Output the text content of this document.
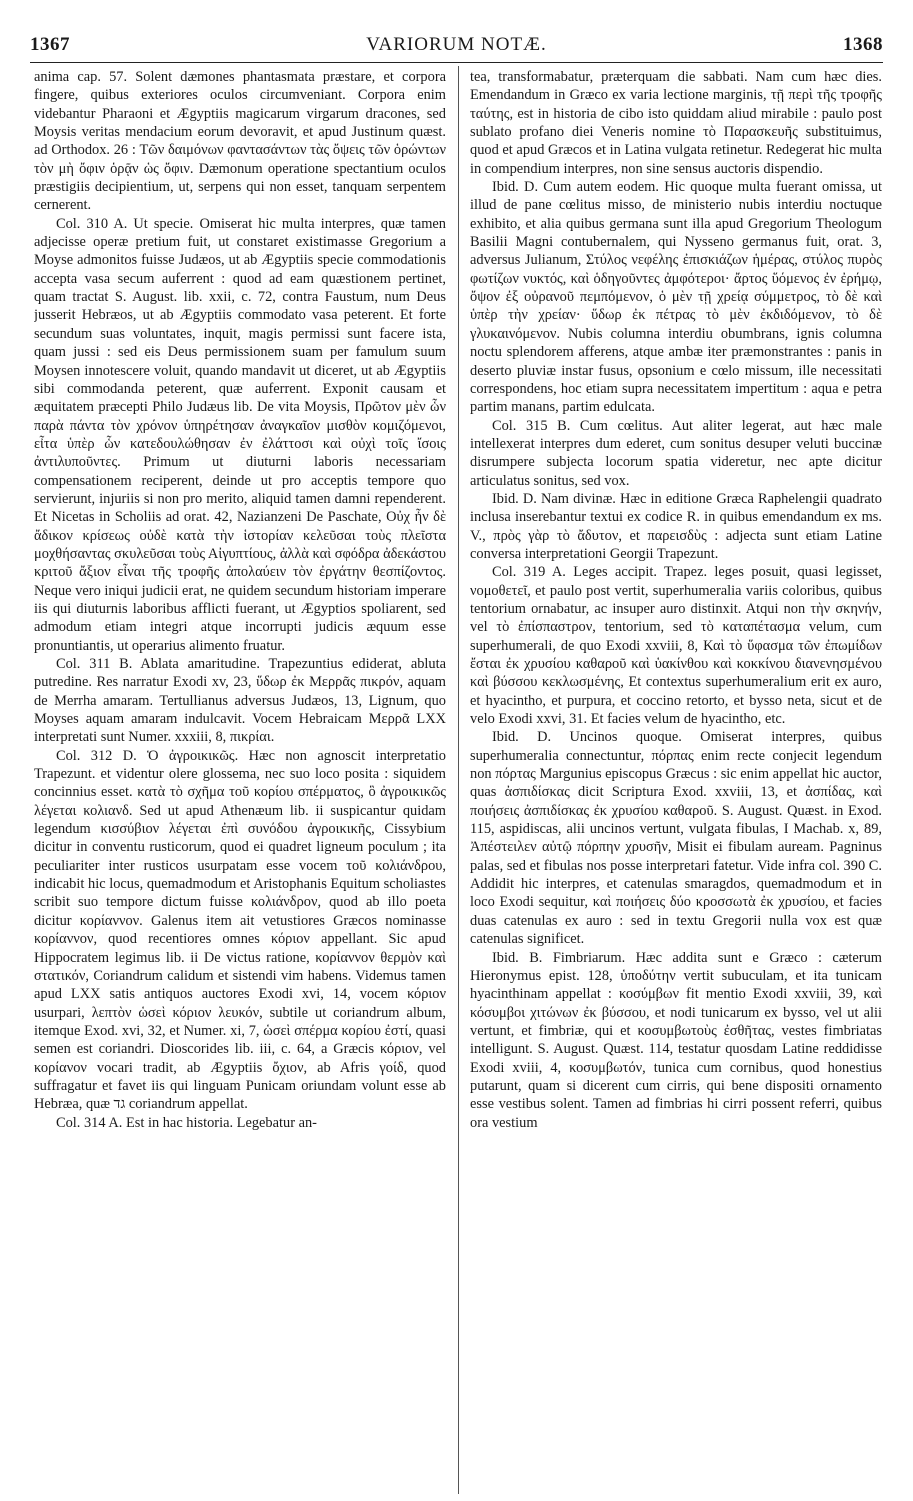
1367	VARIORUM NOTÆ.	1368

anima cap. 57. Solent dæmones phantasmata præstare, et corpora fingere, quibus exteriores oculos circumveniant. Corpora enim videbantur Pharaoni et Ægyptiis magicarum virgarum dracones, sed Moysis veritas mendacium eorum devoravit, et apud Justinum quæst. ad Orthodox. 26 : Τῶν δαιμόνων φαντασάντων τὰς ὄψεις τῶν ὁρώντων τὸν μὴ ὄφιν ὁρᾷν ὡς ὄφιν. Dæmonum operatione spectantium oculos præstigiis decipientium, ut, serpens qui non esset, tanquam serpentem cernerent.

Col. 310 A. Ut specie. Omiserat hic multa interpres, quæ tamen adjecisse operæ pretium fuit, ut constaret existimasse Gregorium a Moyse admonitos fuisse Judæos, ut ab Ægyptiis specie commodationis accepta vasa secum auferrent : quod ad eam quæstionem pertinet, quam tractat S. August. lib. xxii, c. 72, contra Faustum, num Deus jusserit Hebræos, ut ab Ægyptiis commodato vasa peterent. Et forte secundum suas voluntates, inquit, magis permissi sunt facere ista, quam jussi : sed eis Deus permissionem suam per famulum suum Moysen innotescere voluit, quando mandavit ut diceret, ut ab Ægyptiis sibi commodanda peterent, quæ auferrent. Exponit causam et æquitatem præcepti Philo Judæus lib. De vita Moysis, Πρῶτον μὲν ὧν παρὰ πάντα τὸν χρόνον ὑπηρέτησαν ἀναγκαῖον μισθὸν κομιζόμενοι, εἶτα ὑπὲρ ὧν κατεδουλώθησαν ἐν ἐλάττοσι καὶ οὐχὶ τοῖς ἴσοις ἀντιλυποῦντες. Primum ut diuturni laboris necessariam compensationem reciperent, deinde ut pro acceptis tempore quo servierunt, injuriis si non pro merito, aliquid tamen damni rependerent. Et Nicetas in Scholiis ad orat. 42, Nazianzeni De Paschate, Οὐχ ἦν δὲ ἄδικον κρίσεως οὐδὲ κατὰ τὴν ἱστορίαν κελεῦσαι τοὺς πλεῖστα μοχθήσαντας σκυλεῦσαι τοὺς Αἰγυπτίους, ἀλλὰ καὶ σφόδρα ἀδεκάστου κριτοῦ ἄξιον εἶναι τῆς τροφῆς ἀπολαύειν τὸν ἐργάτην θεσπίζοντος. Neque vero iniqui judicii erat, ne quidem secundum historiam imperare iis qui diuturnis laboribus afflicti fuerant, ut Ægyptios spoliarent, sed admodum etiam integri atque incorrupti judicis æquum esse pronuntiantis, ut operarius alimento fruatur.

Col. 311 B. Ablata amaritudine. Trapezuntius ediderat, abluta putredine. Res narratur Exodi xv, 23, ὕδωρ ἐκ Μερρᾶς πικρόν, aquam de Merrha amaram. Tertullianus adversus Judæos, 13, Lignum, quo Moyses aquam amaram indulcavit. Vocem Hebraicam Μερρᾶ LXX interpretati sunt Numer. xxxiii, 8, πικρίαι.

Col. 312 D. Ὁ ἀγροικικῶς. Hæc non agnoscit interpretatio Trapezunt. et videntur olere glossema, nec suo loco posita : siquidem concinnius esset. κατὰ τὸ σχῆμα τοῦ κορίου σπέρματος, ὃ ἀγροικικῶς λέγεται κολιανδ. Sed ut apud Athenæum lib. ii suspicantur quidam legendum κισσύβιον λέγεται ἐπὶ συνόδου ἀγροικικῆς, Cissybium dicitur in conventu rusticorum, quod ei quadret ligneum poculum ; ita peculiariter inter rusticos usurpatam esse vocem τοῦ κολιάνδρου, indicabit hic locus, quemadmodum et Aristophanis Equitum scholiastes scribit suo tempore dictum fuisse κολιάνδρον, quod ab illo poeta dicitur κορίαννον. Galenus item ait vetustiores Græcos nominasse κορίαννον, quod recentiores omnes κόριον appellant. Sic apud Hippocratem legimus lib. ii De victus ratione, κορίαννον θερμὸν καὶ στατικόν, Coriandrum calidum et sistendi vim habens. Videmus tamen apud LXX satis antiquos auctores Exodi xvi, 14, vocem κόριον usurpari, λεπτὸν ὡσεὶ κόριον λευκόν, subtile ut coriandrum album, itemque Exod. xvi, 32, et Numer. xi, 7, ὡσεὶ σπέρμα κορίου ἐστί, quasi semen est coriandri. Dioscorides lib. iii, c. 64, a Græcis κόριον, vel κορίανον vocari tradit, ab Ægyptiis ὄχιον, ab Afris γοίδ, quod suffragatur et favet iis qui linguam Punicam oriundam volunt esse ab Hebræa, quæ גד coriandrum appellat.

Col. 314 A. Est in hac historia. Legebatur an-

tea, transformabatur, præterquam die sabbati. Nam cum hæc dies. Emendandum in Græco ex varia lectione marginis, τῇ περὶ τῆς τροφῆς ταύτης, est in historia de cibo isto quiddam aliud mirabile : paulo post sublato profano diei Veneris nomine τὸ Παρασκευῆς substituimus, quod et apud Græcos et in Latina vulgata retinetur. Redegerat hic multa in compendium interpres, non sine sensus auctoris dispendio.

Ibid. D. Cum autem eodem. Hic quoque multa fuerant omissa, ut illud de pane cœlitus misso, de ministerio nubis interdiu noctuque exhibito, et alia quibus germana sunt illa apud Gregorium Theologum Basilii Magni contubernalem, qui Nysseno germanus fuit, orat. 3, adversus Julianum, Στύλος νεφέλης ἐπισκιάζων ἡμέρας, στύλος πυρὸς φωτίζων νυκτός, καὶ ὁδηγοῦντες ἀμφότεροι· ἄρτος ὕόμενος ἐν ἐρήμῳ, ὄψον ἐξ οὐρανοῦ πεμπόμενον, ὁ μὲν τῇ χρείᾳ σύμμετρος, τὸ δὲ καὶ ὑπὲρ τὴν χρείαν· ὕδωρ ἐκ πέτρας τὸ μὲν ἐκδιδόμενον, τὸ δὲ γλυκαινόμενον. Nubis columna interdiu obumbrans, ignis columna noctu splendorem afferens, atque ambæ iter præmonstrantes : panis in deserto pluviæ instar fusus, opsonium e cœlo missum, ille necessitati correspondens, hoc etiam supra necessitatem impertitum : aqua e petra partim manans, partim edulcata.

Col. 315 B. Cum cœlitus. Aut aliter legerat, aut hæc male intellexerat interpres dum ederet, cum sonitus desuper veluti buccinæ disrumpere subjecta locorum spatia videretur, nec apte dicitur articulatus sonitus, sed vox.

Ibid. D. Nam divinæ. Hæc in editione Græca Raphelengii quadrato inclusa inserebantur textui ex codice R. in quibus emendandum ex ms. V., πρὸς γὰρ τὸ ἄδυτον, et παρεισδὺς : adjecta sunt etiam Latine conversa interpretationi Georgii Trapezunt.

Col. 319 A. Leges accipit. Trapez. leges posuit, quasi legisset, νομοθετεῖ, et paulo post vertit, superhumeralia variis coloribus, quibus tentorium ornabatur, ac insuper auro distinxit. Atqui non τὴν σκηνήν, vel τὸ ἐπίσπαστρον, tentorium, sed τὸ καταπέτασμα velum, cum superhumerali, de quo Exodi xxviii, 8, Καὶ τὸ ὕφασμα τῶν ἐπωμίδων ἔσται ἐκ χρυσίου καθαροῦ καὶ ὑακίνθου καὶ κοκκίνου διανενησμένου καὶ βύσσου κεκλωσμένης, Et contextus superhumeralium erit ex auro, et hyacintho, et purpura, et coccino retorto, et bysso neta, sicut et de velo Exodi xxvi, 31. Et facies velum de hyacintho, etc.

Ibid. D. Uncinos quoque. Omiserat interpres, quibus superhumeralia connectuntur, πόρπας enim recte conjecit legendum non πόρτας Margunius episcopus Græcus : sic enim appellat hic auctor, quas ἀσπιδίσκας dicit Scriptura Exod. xxviii, 13, et ἀσπίδας, καὶ ποιήσεις ἀσπιδίσκας ἐκ χρυσίου καθαροῦ. S. August. Quæst. in Exod. 115, aspidiscas, alii uncinos vertunt, vulgata fibulas, I Machab. x, 89, Ἀπέστειλεν αὐτῷ πόρπην χρυσῆν, Misit ei fibulam auream. Pagninus palas, sed et fibulas nos posse interpretari fatetur. Vide infra col. 390 C. Addidit hic interpres, et catenulas smaragdos, quemadmodum et in loco Exodi sequitur, καὶ ποιήσεις δύο κροσσωτὰ ἐκ χρυσίου, et facies duas catenulas ex auro : sed in textu Gregorii nulla vox est quæ catenulas significet.

Ibid. B. Fimbriarum. Hæc addita sunt e Græco : cæterum Hieronymus epist. 128, ὑποδύτην vertit subuculam, et ita tunicam hyacinthinam appellat : κοσύμβων fit mentio Exodi xxviii, 39, καὶ κόσυμβοι χιτώνων ἐκ βύσσου, et nodi tunicarum ex bysso, vel ut alii vertunt, et fimbriæ, qui et κοσυμβωτοὺς ἐσθῆτας, vestes fimbriatas intelligunt. S. August. Quæst. 114, testatur quosdam Latine reddidisse Exodi xviii, 4, κοσυμβωτόν, tunica cum cornibus, quod honestius putarunt, quam si dicerent cum cirris, qui bene dispositi ornamento esse vestibus solent. Tamen ad fimbrias hi cirri possent referri, quibus ora vestium
